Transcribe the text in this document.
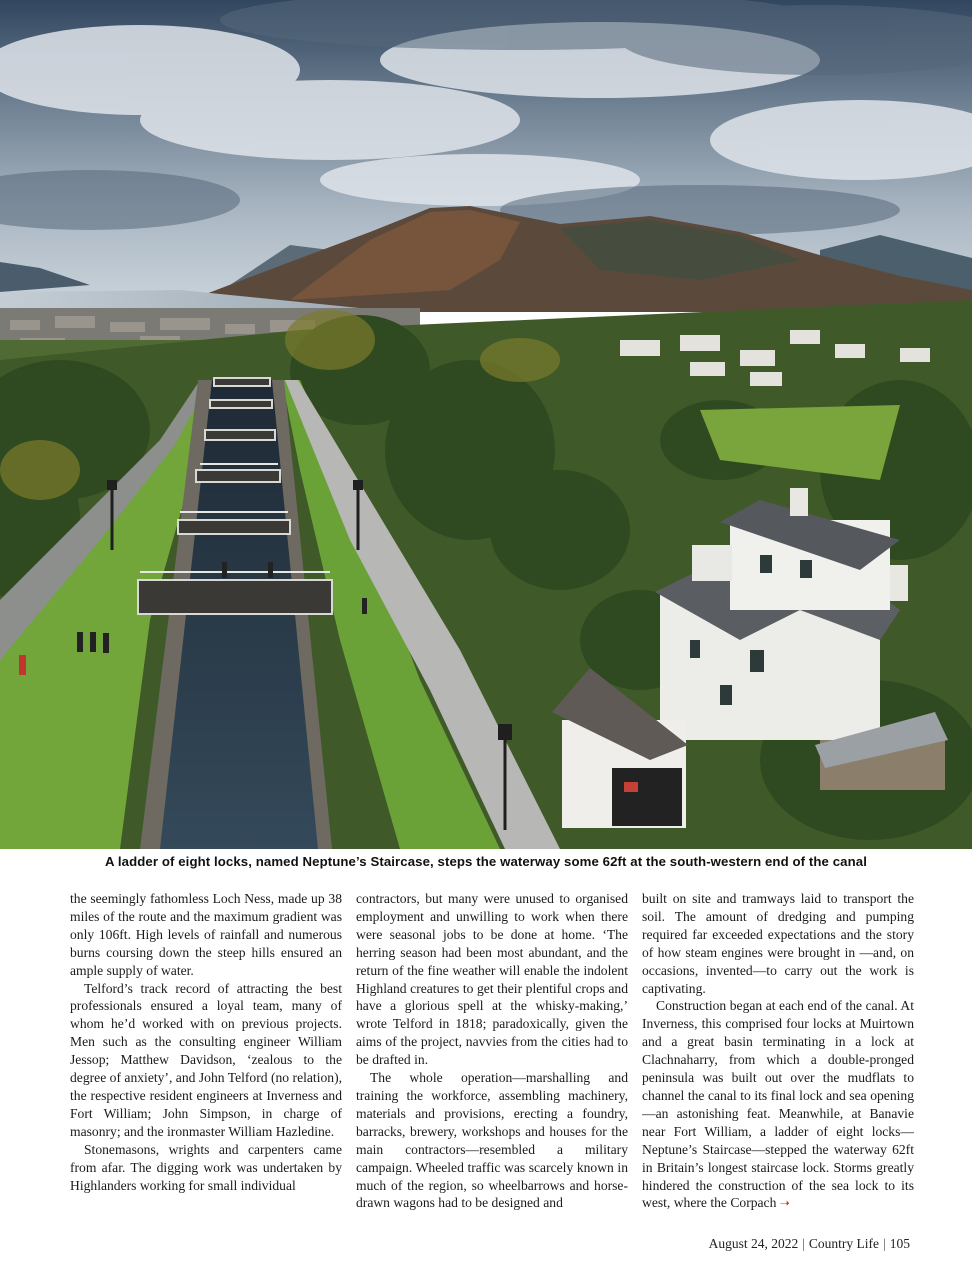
A ladder of eight locks, named Neptune’s Staircase, steps the waterway some 62ft at the south-western end of the canal

the seemingly fathomless Loch Ness, made up 38 miles of the route and the maximum gradient was only 106ft. High levels of rainfall and numerous burns coursing down the steep hills ensured an ample supply of water.

Telford’s track record of attracting the best professionals ensured a loyal team, many of whom he’d worked with on previous projects. Men such as the consulting engineer William Jessop; Matthew Davidson, ‘zealous to the degree of anxiety’, and John Telford (no relation), the respective resident engineers at Inverness and Fort William; John Simpson, in charge of masonry; and the ironmaster William Hazledine.

Stonemasons, wrights and carpenters came from afar. The digging work was undertaken by Highlanders working for small individual

contractors, but many were unused to organised employment and unwilling to work when there were seasonal jobs to be done at home. ‘The herring season had been most abundant, and the return of the fine weather will enable the indolent Highland creatures to get their plentiful crops and have a glorious spell at the whisky-making,’ wrote Telford in 1818; paradoxically, given the aims of the project, navvies from the cities had to be drafted in.

The whole operation—marshalling and training the workforce, assembling machinery, materials and provisions, erecting a foundry, barracks, brewery, workshops and houses for the main contractors—resembled a military campaign. Wheeled traffic was scarcely known in much of the region, so wheelbarrows and horse-drawn wagons had to be designed and

built on site and tramways laid to transport the soil. The amount of dredging and pumping required far exceeded expectations and the story of how steam engines were brought in —and, on occasions, invented—to carry out the work is captivating.

Construction began at each end of the canal. At Inverness, this comprised four locks at Muirtown and a great basin terminating in a lock at Clachnaharry, from which a double-pronged peninsula was built out over the mudflats to channel the canal to its final lock and sea opening—an astonishing feat. Meanwhile, at Banavie near Fort William, a ladder of eight locks—Neptune’s Staircase—stepped the waterway 62ft in Britain’s longest staircase lock. Storms greatly hindered the construction of the sea lock to its west, where the Corpach ➝

August 24, 2022 | Country Life | 105
